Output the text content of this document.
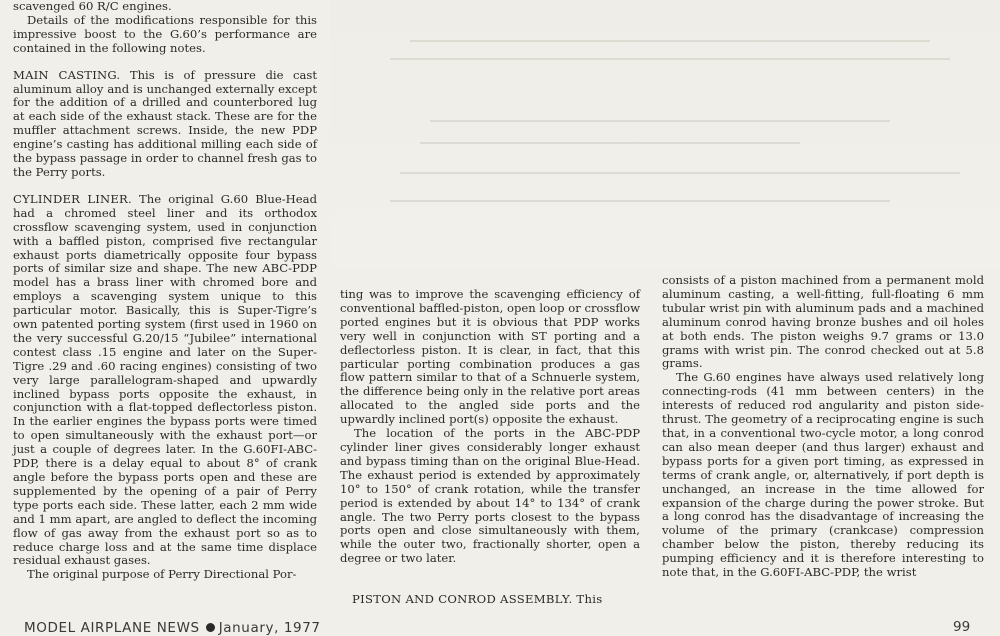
scavenged 60 R/C engines.

Details of the modifications responsible for this impressive boost to the G.60’s performance are contained in the following notes.

MAIN CASTING. This is of pressure die cast aluminum alloy and is unchanged externally except for the addition of a drilled and counterbored lug at each side of the exhaust stack. These are for the muffler attachment screws. Inside, the new PDP engine’s casting has additional milling each side of the bypass passage in order to channel fresh gas to the Perry ports.

CYLINDER LINER. The original G.60 Blue-Head had a chromed steel liner and its orthodox crossflow scavenging system, used in conjunction with a baffled piston, comprised five rectangular exhaust ports diametrically opposite four bypass ports of similar size and shape. The new ABC-PDP model has a brass liner with chromed bore and employs a scavenging system unique to this particular motor. Basically, this is Super-Tigre’s own patented porting system (first used in 1960 on the very successful G.20/15 “Jubilee” international contest class .15 engine and later on the Super-Tigre .29 and .60 racing engines) consisting of two very large parallelogram-shaped and upwardly inclined bypass ports opposite the exhaust, in conjunction with a flat-topped deflectorless piston. In the earlier engines the bypass ports were timed to open simultaneously with the exhaust port—or just a couple of degrees later. In the G.60FI-ABC-PDP, there is a delay equal to about 8° of crank angle before the bypass ports open and these are supplemented by the opening of a pair of Perry type ports each side. These latter, each 2 mm wide and 1 mm apart, are angled to deflect the incoming flow of gas away from the exhaust port so as to reduce charge loss and at the same time displace residual exhaust gases.

The original purpose of Perry Directional Por-

ting was to improve the scavenging efficiency of conventional baffled-piston, open loop or crossflow ported engines but it is obvious that PDP works very well in conjunction with ST porting and a deflectorless piston. It is clear, in fact, that this particular porting combination produces a gas flow pattern similar to that of a Schnuerle system, the difference being only in the relative port areas allocated to the angled side ports and the upwardly inclined port(s) opposite the exhaust.

The location of the ports in the ABC-PDP cylinder liner gives considerably longer exhaust and bypass timing than on the original Blue-Head. The exhaust period is extended by approximately 10° to 150° of crank rotation, while the transfer period is extended by about 14° to 134° of crank angle. The two Perry ports closest to the bypass ports open and close simultaneously with them, while the outer two, fractionally shorter, open a degree or two later.

PISTON AND CONROD ASSEMBLY. This

consists of a piston machined from a permanent mold aluminum casting, a well-fitting, full-floating 6 mm tubular wrist pin with aluminum pads and a machined aluminum conrod having bronze bushes and oil holes at both ends. The piston weighs 9.7 grams or 13.0 grams with wrist pin. The conrod checked out at 5.8 grams.

The G.60 engines have always used relatively long connecting-rods (41 mm between centers) in the interests of reduced rod angularity and piston side-thrust. The geometry of a reciprocating engine is such that, in a conventional two-cycle motor, a long conrod can also mean deeper (and thus larger) exhaust and bypass ports for a given port timing, as expressed in terms of crank angle, or, alternatively, if port depth is unchanged, an increase in the time allowed for expansion of the charge during the power stroke. But a long conrod has the disadvantage of increasing the volume of the primary (crankcase) compression chamber below the piston, thereby reducing its pumping efficiency and it is therefore interesting to note that, in the G.60FI-ABC-PDP, the wrist

MODEL AIRPLANE NEWS January, 1977	99
